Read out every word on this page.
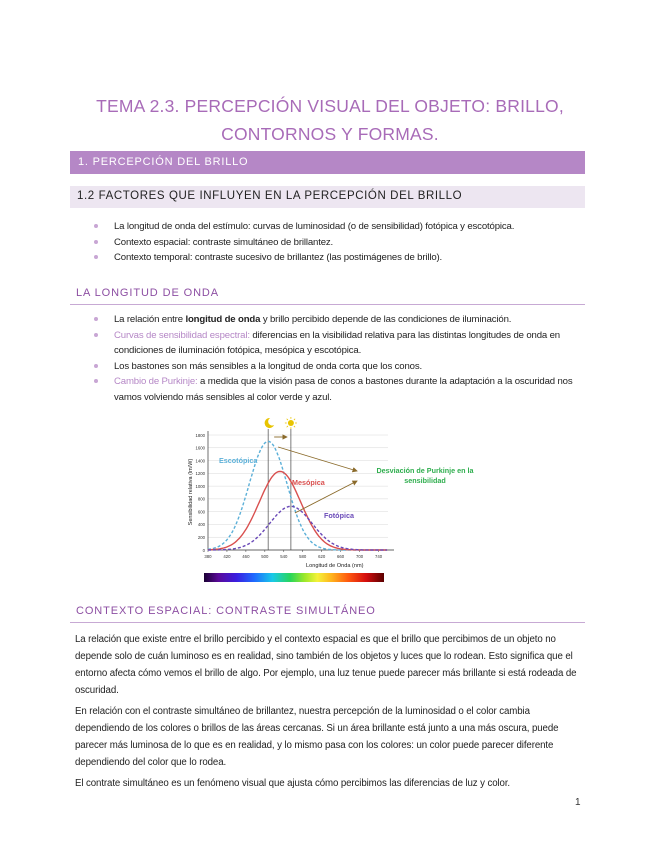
TEMA 2.3. PERCEPCIÓN VISUAL DEL OBJETO: BRILLO,
CONTORNOS Y FORMAS.
1. PERCEPCIÓN DEL BRILLO
1.2 FACTORES QUE INFLUYEN EN LA PERCEPCIÓN DEL BRILLO
La longitud de onda del estímulo: curvas de luminosidad (o de sensibilidad) fotópica y escotópica.
Contexto espacial: contraste simultáneo de brillantez.
Contexto temporal: contraste sucesivo de brillantez (las postimágenes de brillo).
LA LONGITUD DE ONDA
La relación entre longitud de onda y brillo percibido depende de las condiciones de iluminación.
Curvas de sensibilidad espectral: diferencias en la visibilidad relativa para las distintas longitudes de onda en condiciones de iluminación fotópica, mesópica y escotópica.
Los bastones son más sensibles a la longitud de onda corta que los conos.
Cambio de Purkinje: a medida que la visión pasa de conos a bastones durante la adaptación a la oscuridad nos vamos volviendo más sensibles al color verde y azul.
0
200
400
600
800
1000
1200
1400
1600
1800
380	420	460	500	540	580	620	660	700	740
Sensibilidad relativa (lm/W)
Longitud de Onda (nm)
Escotópica
Mesópica
Fotópica
Desviación de Purkinje en la sensibilidad
CONTEXTO ESPACIAL: CONTRASTE SIMULTÁNEO

La relación que existe entre el brillo percibido y el contexto espacial es que el brillo que percibimos de un objeto no depende solo de cuán luminoso es en realidad, sino también de los objetos y luces que lo rodean. Esto significa que el entorno afecta cómo vemos el brillo de algo. Por ejemplo, una luz tenue puede parecer más brillante si está rodeada de oscuridad.

En relación con el contraste simultáneo de brillantez, nuestra percepción de la luminosidad o el color cambia dependiendo de los colores o brillos de las áreas cercanas. Si un área brillante está junto a una más oscura, puede parecer más luminosa de lo que es en realidad, y lo mismo pasa con los colores: un color puede parecer diferente dependiendo del color que lo rodea.

El contrate simultáneo es un fenómeno visual que ajusta cómo percibimos las diferencias de luz y color.

1
